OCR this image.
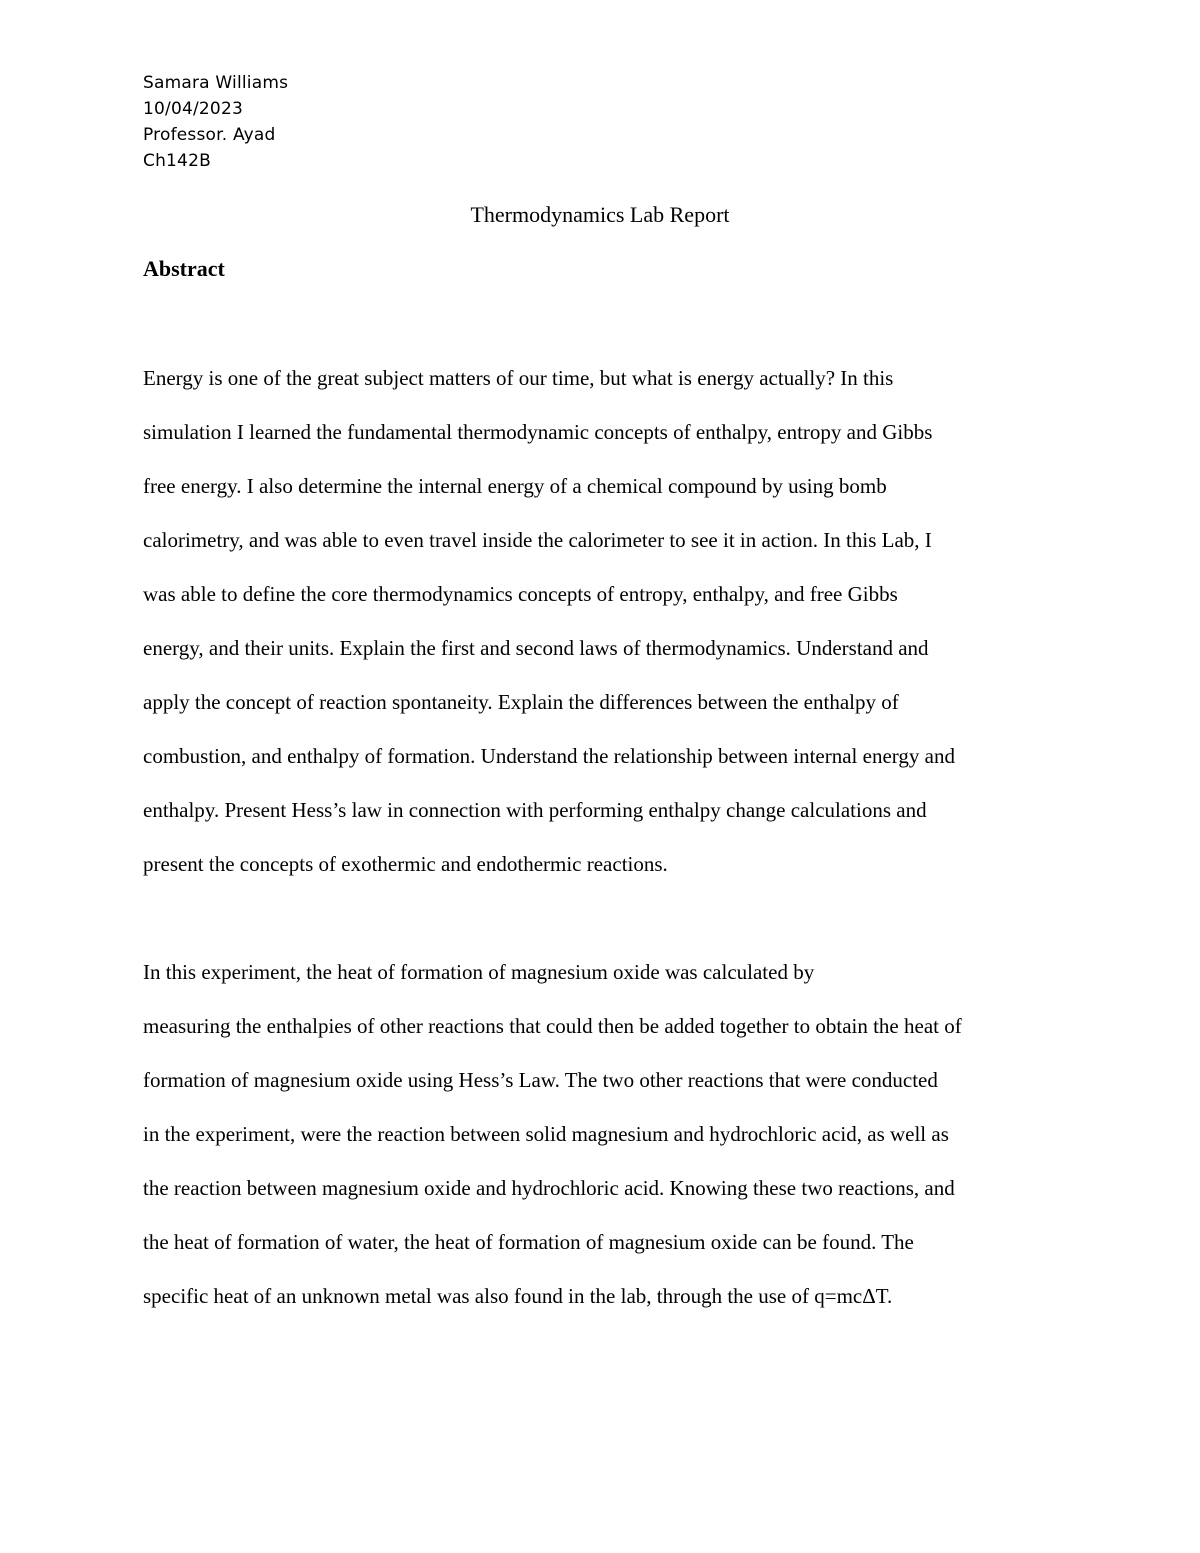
Samara Williams
10/04/2023
Professor. Ayad
Ch142B
Thermodynamics Lab Report
Abstract
Energy is one of the great subject matters of our time, but what is energy actually? In this
simulation I learned the fundamental thermodynamic concepts of enthalpy, entropy and Gibbs
free energy. I also determine the internal energy of a chemical compound by using bomb
calorimetry, and was able to even travel inside the calorimeter to see it in action. In this Lab, I
was able to define the core thermodynamics concepts of entropy, enthalpy, and free Gibbs
energy, and their units. Explain the first and second laws of thermodynamics. Understand and
apply the concept of reaction spontaneity. Explain the differences between the enthalpy of
combustion, and enthalpy of formation. Understand the relationship between internal energy and
enthalpy. Present Hess’s law in connection with performing enthalpy change calculations and
present the concepts of exothermic and endothermic reactions.
In this experiment, the heat of formation of magnesium oxide was calculated by
measuring the enthalpies of other reactions that could then be added together to obtain the heat of
formation of magnesium oxide using Hess’s Law. The two other reactions that were conducted
in the experiment, were the reaction between solid magnesium and hydrochloric acid, as well as
the reaction between magnesium oxide and hydrochloric acid. Knowing these two reactions, and
the heat of formation of water, the heat of formation of magnesium oxide can be found. The
specific heat of an unknown metal was also found in the lab, through the use of q=mcΔT.
